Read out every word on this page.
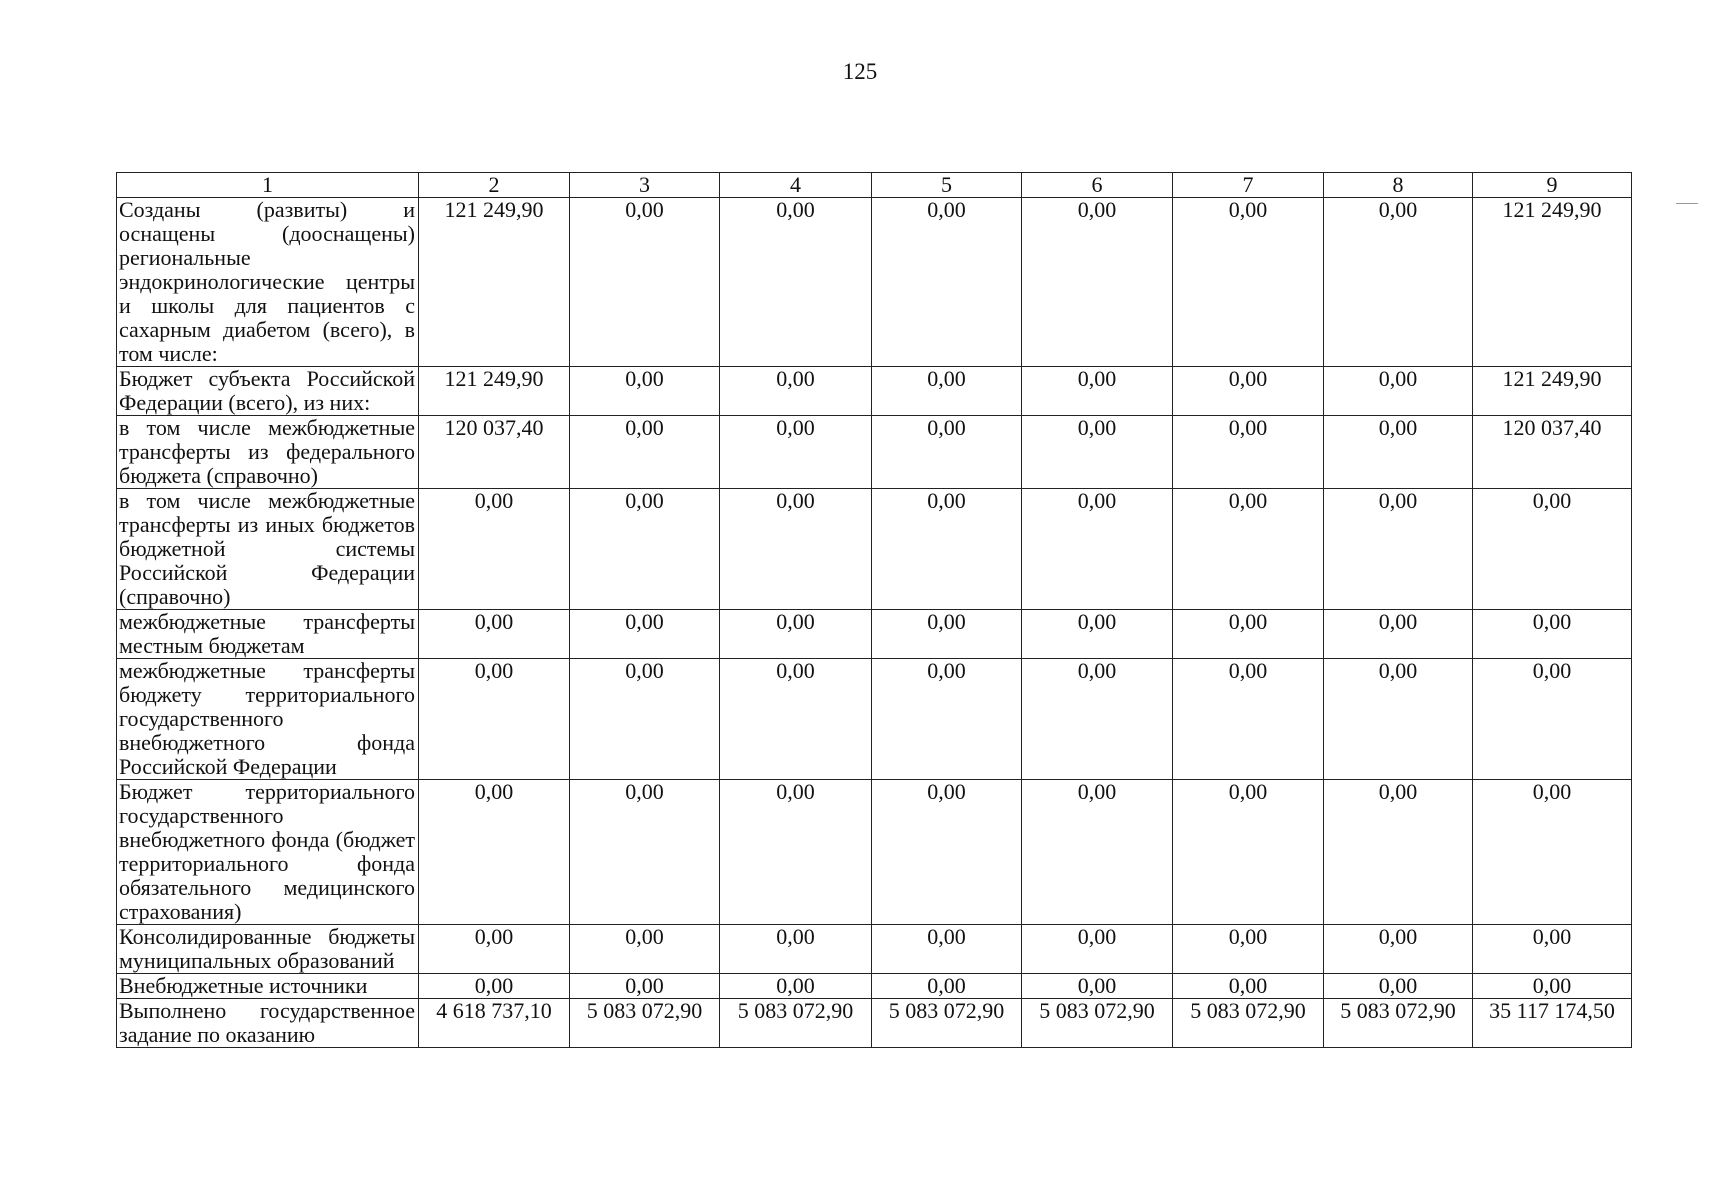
125
1	2	3	4	5	6	7	8	9
Созданы (развиты) и оснащены (дооснащены) региональные эндокринологические центры и школы для пациентов с сахарным диабетом (всего), в том числе:	121 249,90	0,00	0,00	0,00	0,00	0,00	0,00	121 249,90
Бюджет субъекта Российской Федерации (всего), из них:	121 249,90	0,00	0,00	0,00	0,00	0,00	0,00	121 249,90
в том числе межбюджетные трансферты из федерального бюджета (справочно)	120 037,40	0,00	0,00	0,00	0,00	0,00	0,00	120 037,40
в том числе межбюджетные трансферты из иных бюджетов бюджетной системы Российской Федерации (справочно)	0,00	0,00	0,00	0,00	0,00	0,00	0,00	0,00
межбюджетные трансферты местным бюджетам	0,00	0,00	0,00	0,00	0,00	0,00	0,00	0,00
межбюджетные трансферты бюджету территориального государственного внебюджетного фонда Российской Федерации	0,00	0,00	0,00	0,00	0,00	0,00	0,00	0,00
Бюджет территориального государственного внебюджетного фонда (бюджет территориального фонда обязательного медицинского страхования)	0,00	0,00	0,00	0,00	0,00	0,00	0,00	0,00
Консолидированные бюджеты муниципальных образований	0,00	0,00	0,00	0,00	0,00	0,00	0,00	0,00
Внебюджетные источники	0,00	0,00	0,00	0,00	0,00	0,00	0,00	0,00
Выполнено государственное задание по оказанию	4 618 737,10	5 083 072,90	5 083 072,90	5 083 072,90	5 083 072,90	5 083 072,90	5 083 072,90	35 117 174,50
